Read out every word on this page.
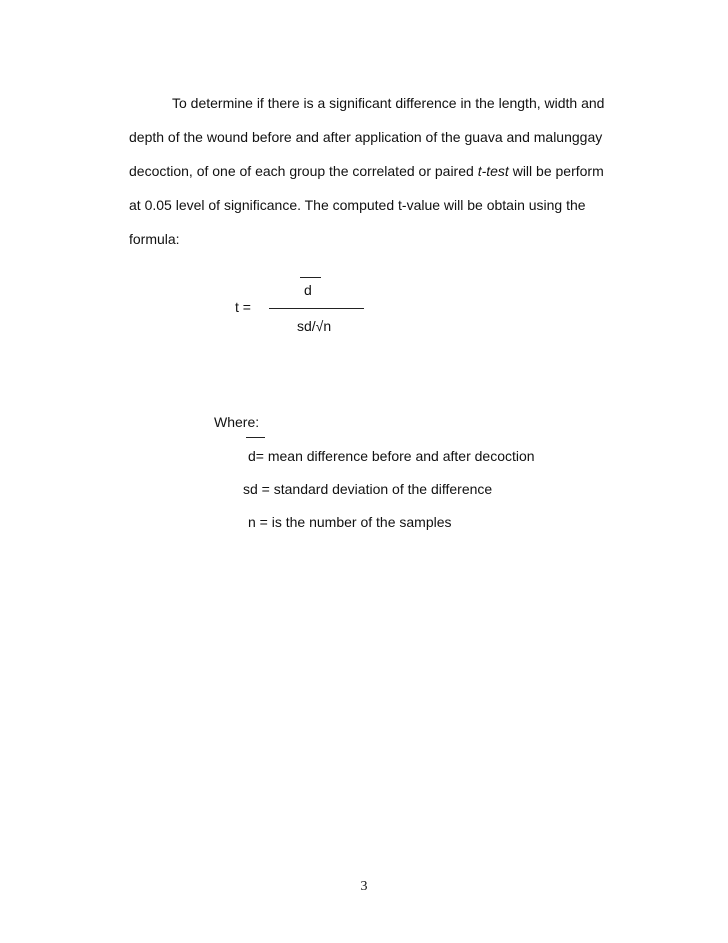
To determine if there is a significant difference in the length, width and
depth of the wound before and after application of the guava and malunggay
decoction, of one of each group the correlated or paired t-test will be perform
at 0.05 level of significance. The computed t-value will be obtain using the
formula:
d
t =
sd/√n
Where:
d= mean difference before and after decoction
sd = standard deviation of the difference
n = is the number of the samples
3
